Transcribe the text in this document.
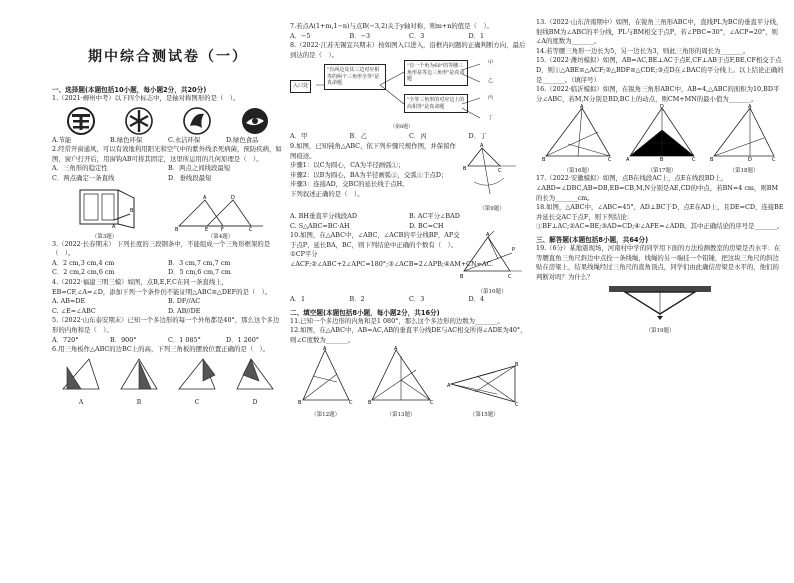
期中综合测试卷（一）
一、选择题(本题包括10小题，每小题2分，共20分)

1.（2021·柳州中考）以下四个标志中，是轴对称图形的是（　）。

A.节能	B.绿色环保	C.永洁环保	D.绿色食品

2.经常开窗通风，可以有效地利用阳光和空气中的紫外线杀死病菌，预防疾病，如图，窗户打开后，用窗钩AB可将其固定，这里所运用的几何原理是（　）。

A．三角形的稳定性	B．两点之间线段最短
C．两点确定一条直线	D．垂线段最短
A
B
（第3题）
B
A	D
E	F	C
（第4题）

3.（2022·长春期末） 下列长度的三段钢条中，不能组成一个三角形框架的是（　）。

A．2 cm,3 cm,4 cm	B．3 cm,7 cm,7 cm
C．2 cm,2 cm,6 cm	D．5 cm,6 cm,7 cm

4.（2022·福建三明三模）如图，点B,E,F,C在同一条直线上，EB=CF,∠A=∠D，添加下列一个条件仍不能证明△ABC≌△DEF的是（　）。

A. AB=DE	B. DF//AC
C. ∠E=∠ABC	D. AB//DE

5.（2022·山东泰安期末）已知一个多边形的每一个外角都是40°，那么这个多边形的内角和是（　）。

A．720°	B．900°	C．1 085°	D．1 260°

6.用三角板作△ABC的边BC上的高，下列三角板的摆放位置正确的是（　）。

A	B	C	D

7.若点A(1+m,1−n)与点B(−3,2)关于y轴对称，则m+n的值是（　）。

A．−5	B．−3	C．3	D．1

8.（2022·江苏无锡宜兴期末）按如图入口进入，沿框内问题的正确判断方向，最后到达的是（　）。

入口处
"有两边及其三边对应相等的两个三角形全等"是真命题
"有一个角为60°的等腰三角形是等边三角形"是真命题
"全等三角形的对应边上的高相等"是真命题
甲
乙
丙
丁
（第8题）
A．甲	B．乙	C．丙	D．丁

9.如图，已知钝角△ABC，依下列步骤尺规作图，并保留作图痕迹。

步骤1：以C为圆心，CA为半径画弧①；

步骤2：以B为圆心，BA为半径画弧②，交弧①于点D；

步骤3：连接AD，交BC的延长线于点H。

下列叙述正确的是（　）。

A
B	C
（第9题）
A. BH垂直平分线段AD	B. AC平分∠BAD
C. S△ABC=BC·AH	D. BC=CH

10.如图，在△ABC中，∠ABC，∠ACB的平分线BP，AP交于点P，延长BA，BC，则下列结论中正确的个数有（　）。

①CP平分∠ACF;②∠ABC+2∠APC=180°;③∠ACB=2∠APB;④AM+CN=AC.

A
B	C
P
（第10题）
A．1	B．2	C．3	D．4
二、填空题(本题包括8小题，每小题2分，共16分)

11.已知一个多边形的内角和是1 080°，那么这个多边形的边数为_______。

12.如图，在△ABC中，AB=AC,AB的垂直平分线DE与AC相交所得∠ADE为40°，则∠C度数为_______。

A
B	C
（第12题）
A
B	C
（第13题）
A
B
C
（第15题）

13.（2022·山东济南期中）如图，在锐角三角形ABC中，直线PL为BC的垂直平分线，射线BM为∠ABC的平分线，PL与BM相交于点P，若∠PBC=30°，∠ACP=20°，则∠A的度数为_______。

14.若等腰三角形一边长为5，另一边长为3，则此三角形的周长为_______。

15.（2022·潍坊模拟）如图，AB=AC,BE⊥AC于点E,CF⊥AB于点F,BE,CF相交于点D，则①△ABE≌△ACF;②△BDF≌△CDE;③点D在∠BAC的平分线上。以上结论正确的是_______。（填序号）

16.（2022·临沂模拟）如图，在锐角三角形ABC中，AB=4,△ABC的面积为10,BD平分∠ABC，若M,N分别是BD,BC上的动点，则CM+MN的最小值为_______。

A
B	C
（第16题）
A	B	C
D
（第17题）
A
B	C
D
（第18题）

17.（2022·安徽模拟）如图，点B在线段AC上，点E在线段BD上，∠ABD=∠DBC,AB=DB,EB=CB,M,N分别是AE,CD的中点，若BN=4 cm，则BM的长为_______cm。

18.如图，△ABC中，∠ABC=45°，AD⊥BC于D，点E在AD上，且DE=CD，连接BE并延长交AC于点F，则下列结论：①BF⊥AC;②AC=BE;③AD=CD;④∠AFE=∠ADB。其中正确结论的序号是_______。

三、解答题(本题包括8小题，共64分)

19.（6分）某地震现场，河南村中学的同学用下面的方法检测教室的房梁是否水平：在等腰直角三角尺斜边中点拴一条线绳，线绳的另一端挂一个铅锤，把这块三角尺的斜边贴在房梁上，结果线绳经过三角尺的直角顶点，同学们由此确信房梁是水平的，他们的判断对吗？为什么？

（第19题）
